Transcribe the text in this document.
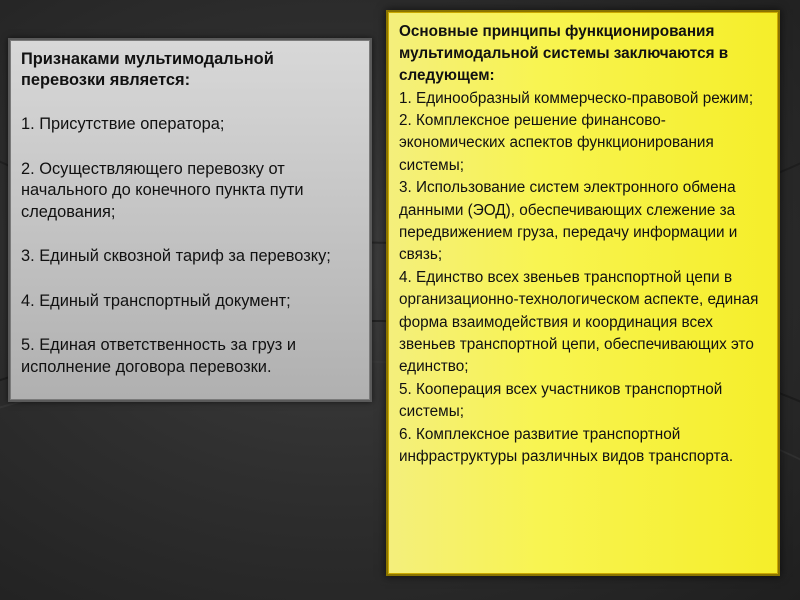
Признаками мультимодальной перевозки является:
1. Присутствие оператора;
2. Осуществляющего перевозку от начального до конечного пункта пути следования;
3. Единый сквозной тариф за перевозку;
4. Единый транспортный документ;
5. Единая ответственность за груз и исполнение договора перевозки.
Основные принципы функционирования мультимодальной системы заключаются в следующем:
1. Единообразный коммерческо-правовой режим;
2. Комплексное решение финансово-экономических аспектов функционирования системы;
3. Использование систем электронного обмена данными (ЭОД), обеспечивающих слежение за передвижением груза, передачу информации и связь;
4. Единство всех звеньев транспортной цепи в организационно-технологическом аспекте, единая форма взаимодействия и координация всех звеньев транспортной цепи, обеспечивающих это единство;
5. Кооперация всех участников транспортной системы;
6. Комплексное развитие транспортной инфраструктуры различных видов транспорта.
